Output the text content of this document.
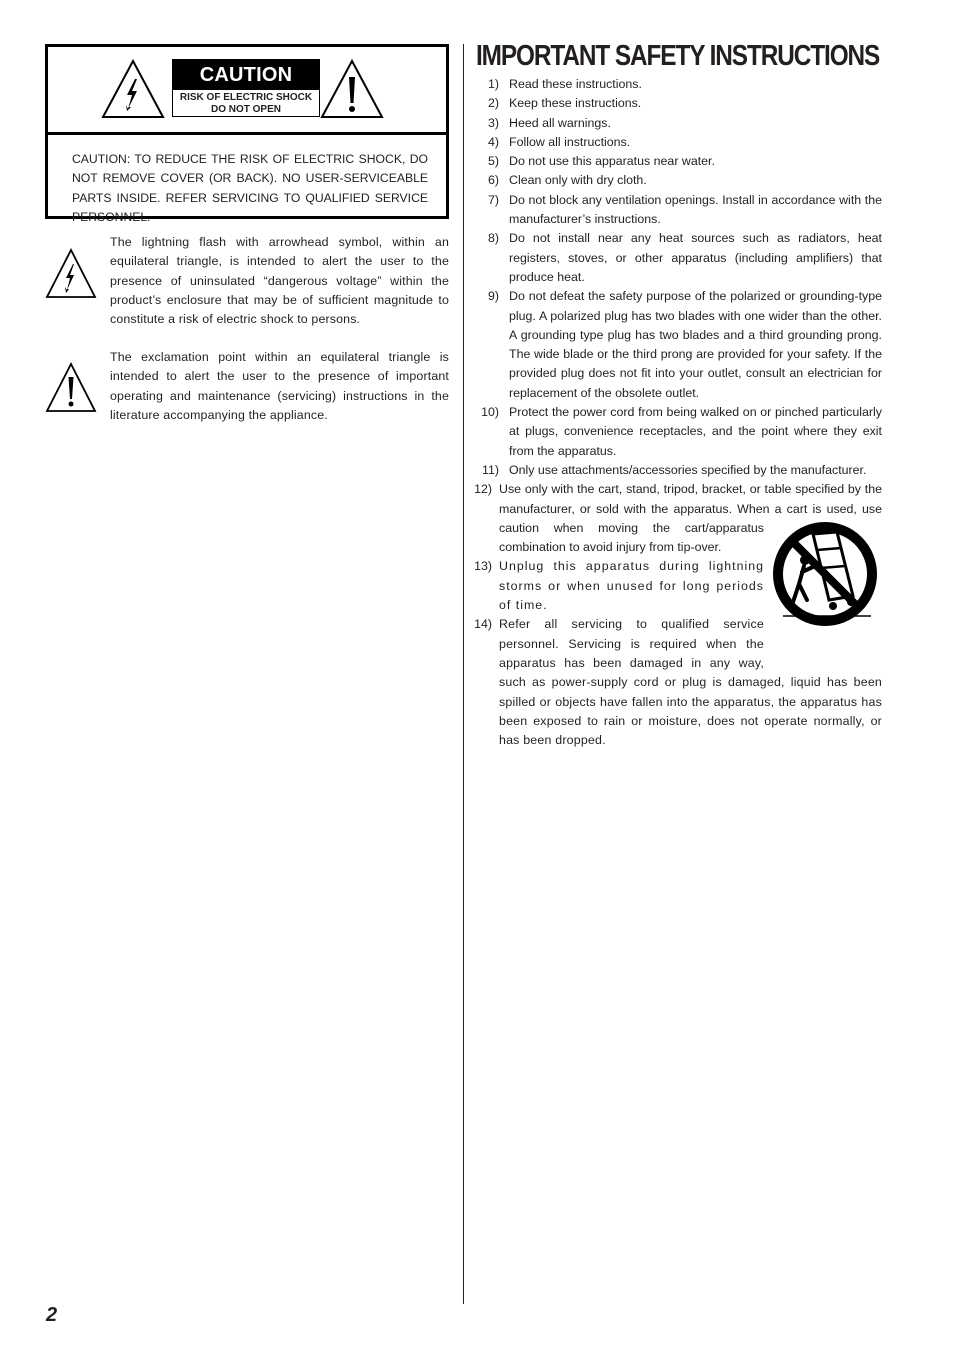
CAUTION
RISK OF ELECTRIC SHOCK
DO NOT OPEN
CAUTION: TO REDUCE THE RISK OF ELECTRIC SHOCK, DO NOT REMOVE COVER (OR BACK). NO USER-SERVICEABLE PARTS INSIDE. REFER SERVICING TO QUALIFIED SERVICE PERSONNEL.
The lightning flash with arrowhead symbol, within an equilateral triangle, is intended to alert the user to the presence of uninsulated “dangerous voltage” within the product’s enclosure that may be of sufficient magnitude to constitute a risk of electric shock to persons.
The exclamation point within an equilateral triangle is intended to alert the user to the presence of important operating and maintenance (servicing) instructions in the literature accompanying the appliance.
IMPORTANT SAFETY INSTRUCTIONS
1) Read these instructions.
2) Keep these instructions.
3) Heed all warnings.
4) Follow all instructions.
5) Do not use this apparatus near water.
6) Clean only with dry cloth.
7) Do not block any ventilation openings. Install in accordance with the manufacturer’s instructions.
8) Do not install near any heat sources such as radiators, heat registers, stoves, or other apparatus (including amplifiers) that produce heat.
9) Do not defeat the safety purpose of the polarized or grounding-type plug. A polarized plug has two blades with one wider than the other. A grounding type plug has two blades and a third grounding prong. The wide blade or the third prong are provided for your safety. If the provided plug does not fit into your outlet, consult an electrician for replacement of the obsolete outlet.
10) Protect the power cord from being walked on or pinched particularly at plugs, convenience receptacles, and the point where they exit from the apparatus.
11) Only use attachments/accessories specified by the manufacturer.
12) Use only with the cart, stand, tripod, bracket, or table specified by the manufacturer, or sold with the apparatus. When a cart is used, use caution when moving the cart/apparatus combination to avoid injury from tip-over.
13) Unplug this apparatus during lightning storms or when unused for long periods of time.
14) Refer all servicing to qualified service personnel. Servicing is required when the apparatus has been damaged in any way, such as power-supply cord or plug is damaged, liquid has been spilled or objects have fallen into the apparatus, the apparatus has been exposed to rain or moisture, does not operate normally, or has been dropped.
2
